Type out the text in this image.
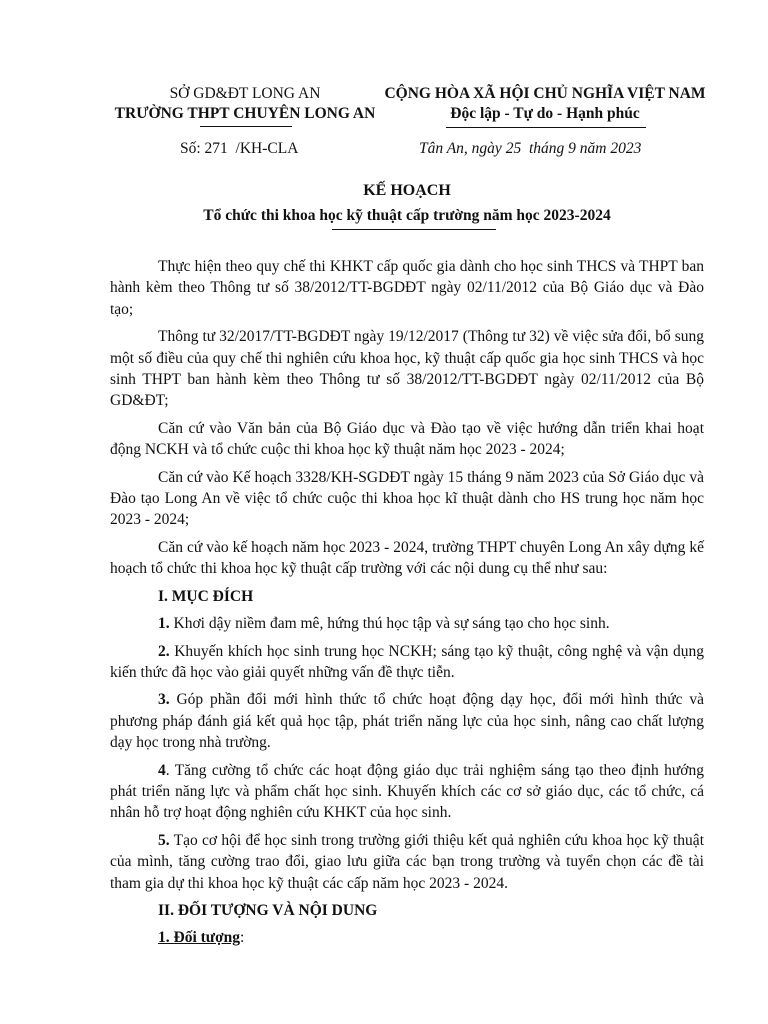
SỞ GD&ĐT LONG AN
TRƯỜNG THPT CHUYÊN LONG AN
CỘNG HÒA XÃ HỘI CHỦ NGHĨA VIỆT NAM
Độc lập - Tự do - Hạnh phúc
Số: 271  /KH-CLA	Tân An, ngày 25  tháng 9 năm 2023
KẾ HOẠCH
Tổ chức thi khoa học kỹ thuật cấp trường năm học 2023-2024

Thực hiện theo quy chế thi KHKT cấp quốc gia dành cho học sinh THCS và THPT ban hành kèm theo Thông tư số 38/2012/TT-BGDĐT ngày 02/11/2012 của Bộ Giáo dục và Đào tạo;

Thông tư 32/2017/TT-BGDĐT ngày 19/12/2017 (Thông tư 32) về việc sửa đổi, bổ sung một số điều của quy chế thi nghiên cứu khoa học, kỹ thuật cấp quốc gia học sinh THCS và học sinh THPT ban hành kèm theo Thông tư số 38/2012/TT-BGDĐT ngày 02/11/2012 của Bộ GD&ĐT;

Căn cứ vào Văn bản của Bộ Giáo dục và Đào tạo về việc hướng dẫn triển khai hoạt động NCKH và tổ chức cuộc thi khoa học kỹ thuật năm học 2023 - 2024;

Căn cứ vào Kế hoạch 3328/KH-SGDĐT ngày 15 tháng 9 năm 2023 của Sở Giáo dục và Đào tạo Long An về việc tổ chức cuộc thi khoa học kĩ thuật dành cho HS trung học năm học 2023 - 2024;

Căn cứ vào kế hoạch năm học 2023 - 2024, trường THPT chuyên Long An xây dựng kế hoạch tổ chức thi khoa học kỹ thuật cấp trường với các nội dung cụ thể như sau:

I. MỤC ĐÍCH

1. Khơi dậy niềm đam mê, hứng thú học tập và sự sáng tạo cho học sinh.

2. Khuyến khích học sinh trung học NCKH; sáng tạo kỹ thuật, công nghệ và vận dụng kiến thức đã học vào giải quyết những vấn đề thực tiễn.

3. Góp phần đổi mới hình thức tổ chức hoạt động dạy học, đổi mới hình thức và phương pháp đánh giá kết quả học tập, phát triển năng lực của học sinh, nâng cao chất lượng dạy học trong nhà trường.

4. Tăng cường tổ chức các hoạt động giáo dục trải nghiệm sáng tạo theo định hướng phát triển năng lực và phẩm chất học sinh. Khuyến khích các cơ sở giáo dục, các tổ chức, cá nhân hỗ trợ hoạt động nghiên cứu KHKT của học sinh.

5. Tạo cơ hội để học sinh trong trường giới thiệu kết quả nghiên cứu khoa học kỹ thuật của mình, tăng cường trao đổi, giao lưu giữa các bạn trong trường và tuyển chọn các đề tài tham gia dự thi khoa học kỹ thuật các cấp năm học 2023 - 2024.

II. ĐỐI TƯỢNG VÀ NỘI DUNG

1. Đối tượng:
